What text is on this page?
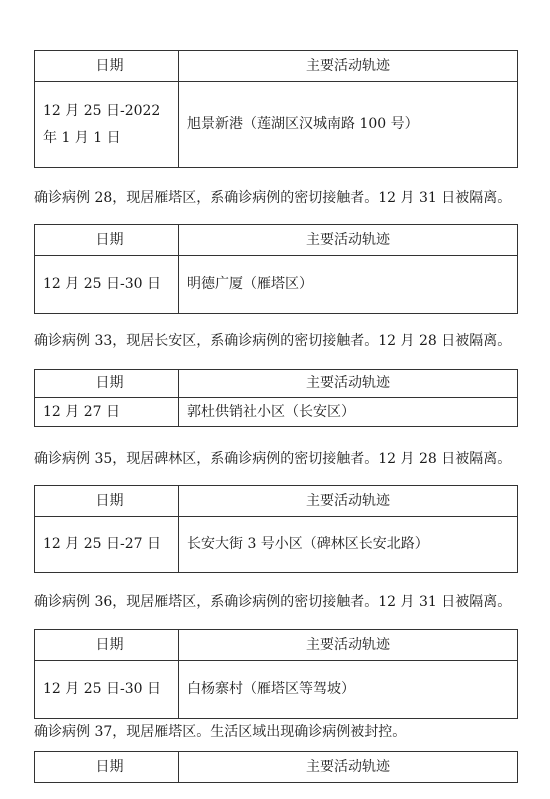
日期	主要活动轨迹
12 月 25 日-2022 年 1 月 1 日	旭景新港（莲湖区汉城南路 100 号）
确诊病例 28，现居雁塔区，系确诊病例的密切接触者。12 月 31 日被隔离。
日期	主要活动轨迹
12 月 25 日-30 日	明德广厦（雁塔区）
确诊病例 33，现居长安区，系确诊病例的密切接触者。12 月 28 日被隔离。
日期	主要活动轨迹
12 月 27 日	郭杜供销社小区（长安区）
确诊病例 35，现居碑林区，系确诊病例的密切接触者。12 月 28 日被隔离。
日期	主要活动轨迹
12 月 25 日-27 日	长安大街 3 号小区（碑林区长安北路）
确诊病例 36，现居雁塔区，系确诊病例的密切接触者。12 月 31 日被隔离。
日期	主要活动轨迹
12 月 25 日-30 日	白杨寨村（雁塔区等驾坡）
确诊病例 37，现居雁塔区。生活区域出现确诊病例被封控。
日期	主要活动轨迹
